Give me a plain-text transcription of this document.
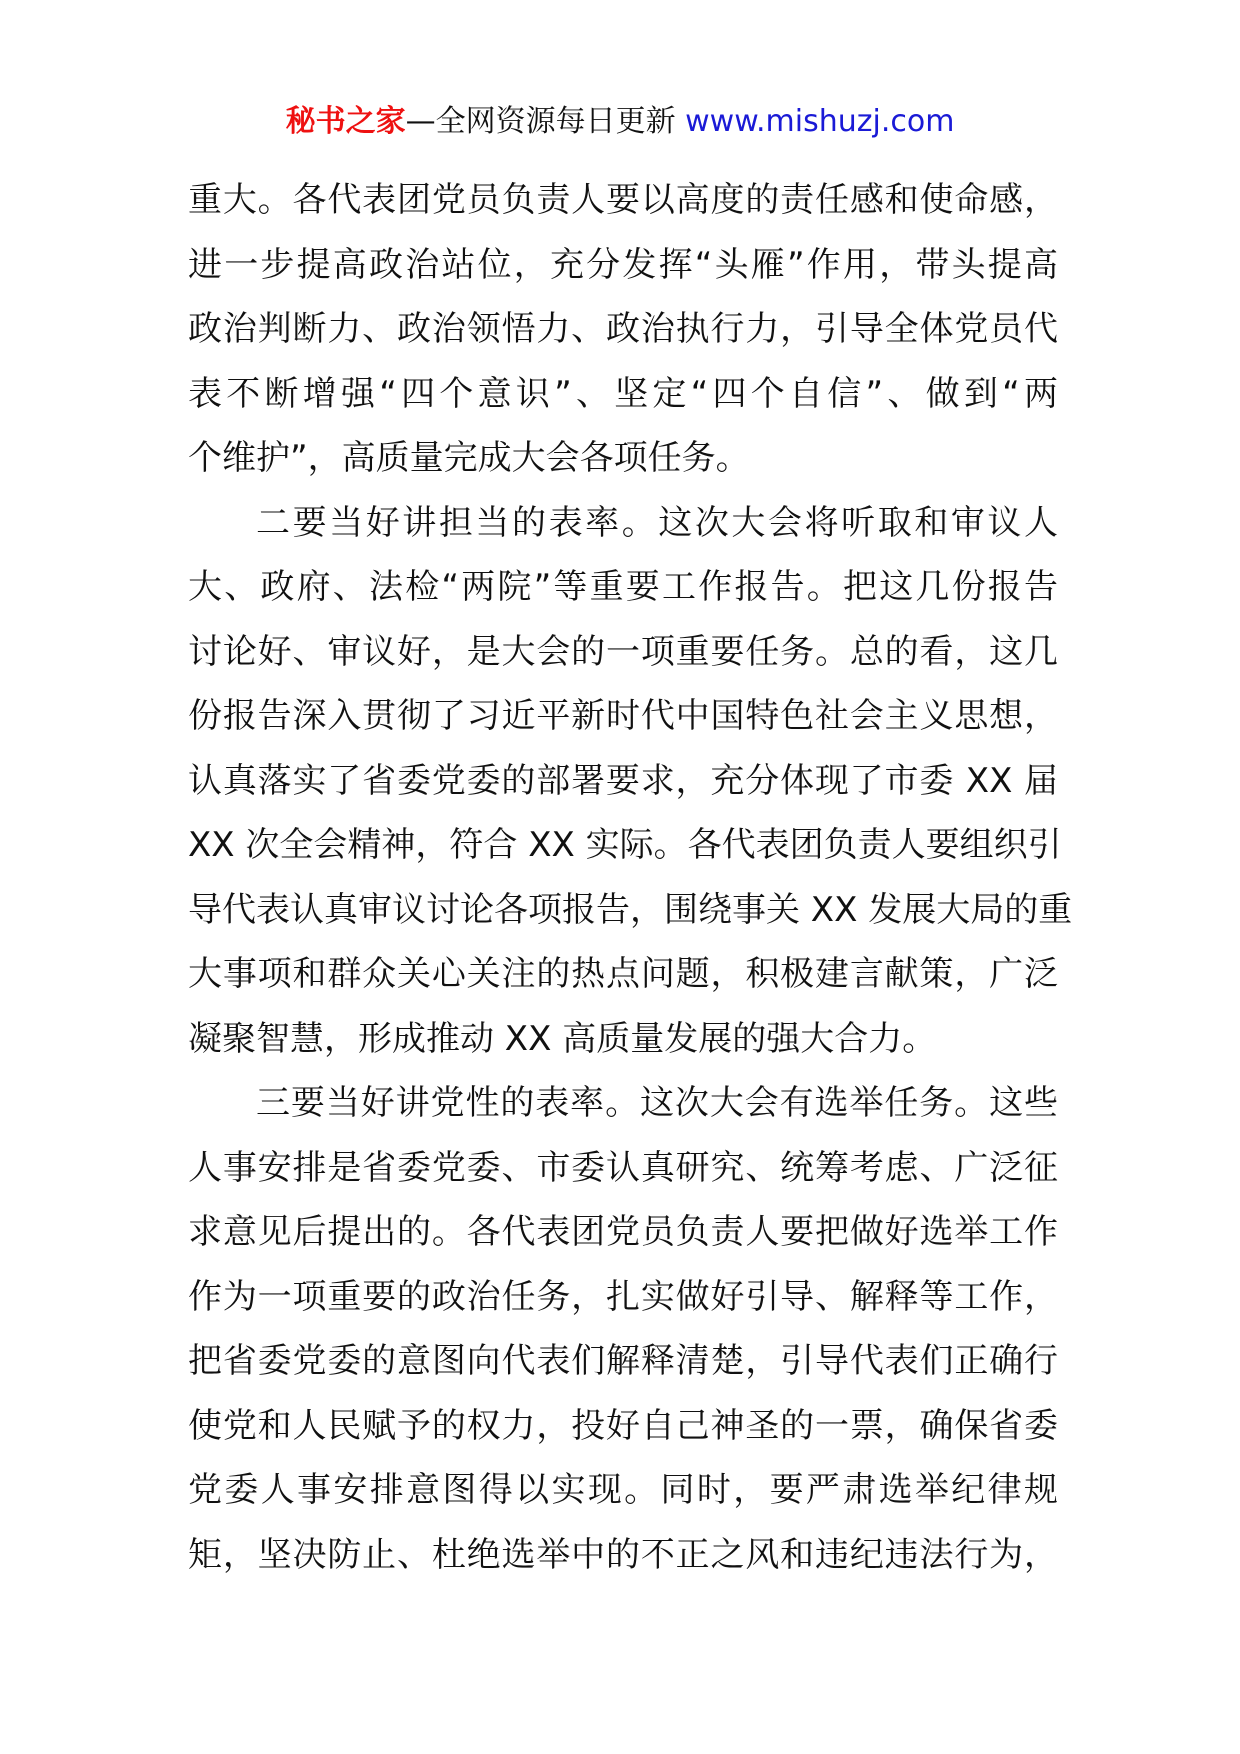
秘书之家—全网资源每日更新 www.mishuzj.com
重大。各代表团党员负责人要以高度的责任感和使命感，
进一步提高政治站位，充分发挥“头雁”作用，带头提高
政治判断力、政治领悟力、政治执行力，引导全体党员代
表不断增强“四个意识”、坚定“四个自信”、做到“两
个维护”，高质量完成大会各项任务。
二要当好讲担当的表率。这次大会将听取和审议人
大、政府、法检“两院”等重要工作报告。把这几份报告
讨论好、审议好，是大会的一项重要任务。总的看，这几
份报告深入贯彻了习近平新时代中国特色社会主义思想，
认真落实了省委党委的部署要求，充分体现了市委 XX 届
XX 次全会精神，符合 XX 实际。各代表团负责人要组织引
导代表认真审议讨论各项报告，围绕事关 XX 发展大局的重
大事项和群众关心关注的热点问题，积极建言献策，广泛
凝聚智慧，形成推动 XX 高质量发展的强大合力。
三要当好讲党性的表率。这次大会有选举任务。这些
人事安排是省委党委、市委认真研究、统筹考虑、广泛征
求意见后提出的。各代表团党员负责人要把做好选举工作
作为一项重要的政治任务，扎实做好引导、解释等工作，
把省委党委的意图向代表们解释清楚，引导代表们正确行
使党和人民赋予的权力，投好自己神圣的一票，确保省委
党委人事安排意图得以实现。同时，要严肃选举纪律规
矩，坚决防止、杜绝选举中的不正之风和违纪违法行为，
